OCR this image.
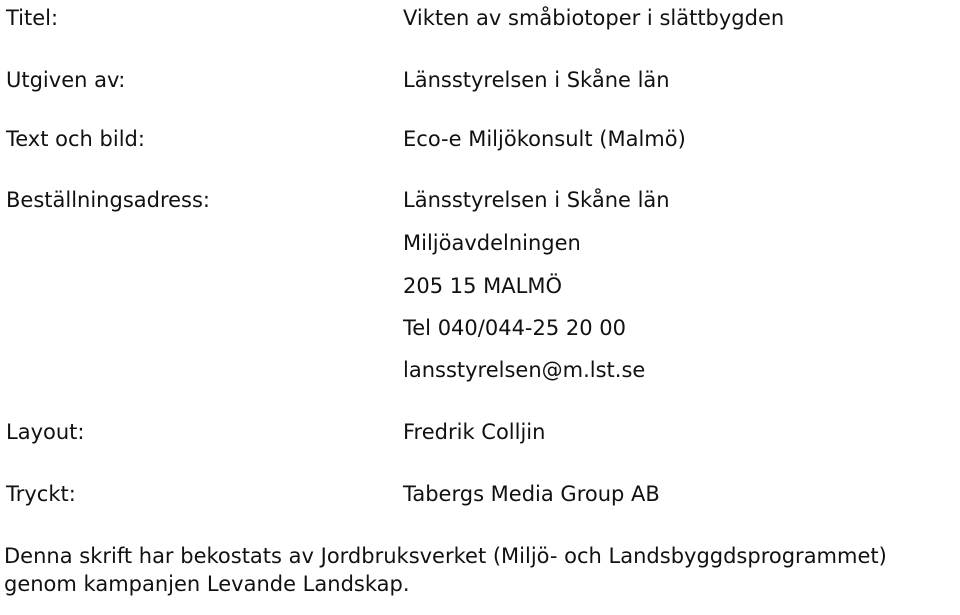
Titel:	Vikten av småbiotoper i slättbygden
Utgiven av:	Länsstyrelsen i Skåne län
Text och bild:	Eco-e Miljökonsult (Malmö)
Beställningsadress:	Länsstyrelsen i Skåne län
Miljöavdelningen
205 15 MALMÖ
Tel 040/044-25 20 00
lansstyrelsen@m.lst.se
Layout:	Fredrik Colljin
Tryckt:	Tabergs Media Group AB
Denna skrift har bekostats av Jordbruksverket (Miljö- och Landsbyggdsprogrammet)
genom kampanjen Levande Landskap.
